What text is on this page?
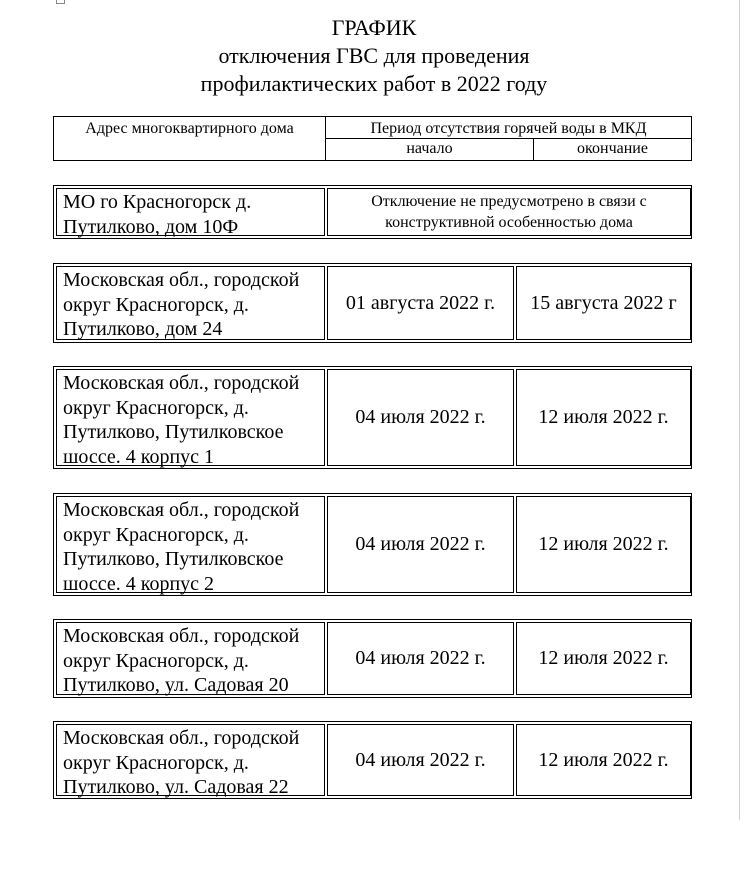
ГРАФИК
отключения ГВС для проведения
профилактических работ в 2022 году
Адрес многоквартирного дома	Период отсутствия горячей воды в МКД
начало	окончание
МО го Красногорск д.
Путилково, дом 10Ф
Отключение не предусмотрено в связи с
конструктивной особенностью дома
Московская обл., городской
округ Красногорск, д.
Путилково, дом 24
01 августа 2022 г.	15 августа 2022 г
Московская обл., городской
округ Красногорск, д.
Путилково, Путилковское
шоссе. 4 корпус 1
04 июля 2022 г.	12 июля 2022 г.
Московская обл., городской
округ Красногорск, д.
Путилково, Путилковское
шоссе. 4 корпус 2
04 июля 2022 г.	12 июля 2022 г.
Московская обл., городской
округ Красногорск, д.
Путилково, ул. Садовая 20
04 июля 2022 г.	12 июля 2022 г.
Московская обл., городской
округ Красногорск, д.
Путилково, ул. Садовая 22
04 июля 2022 г.	12 июля 2022 г.
